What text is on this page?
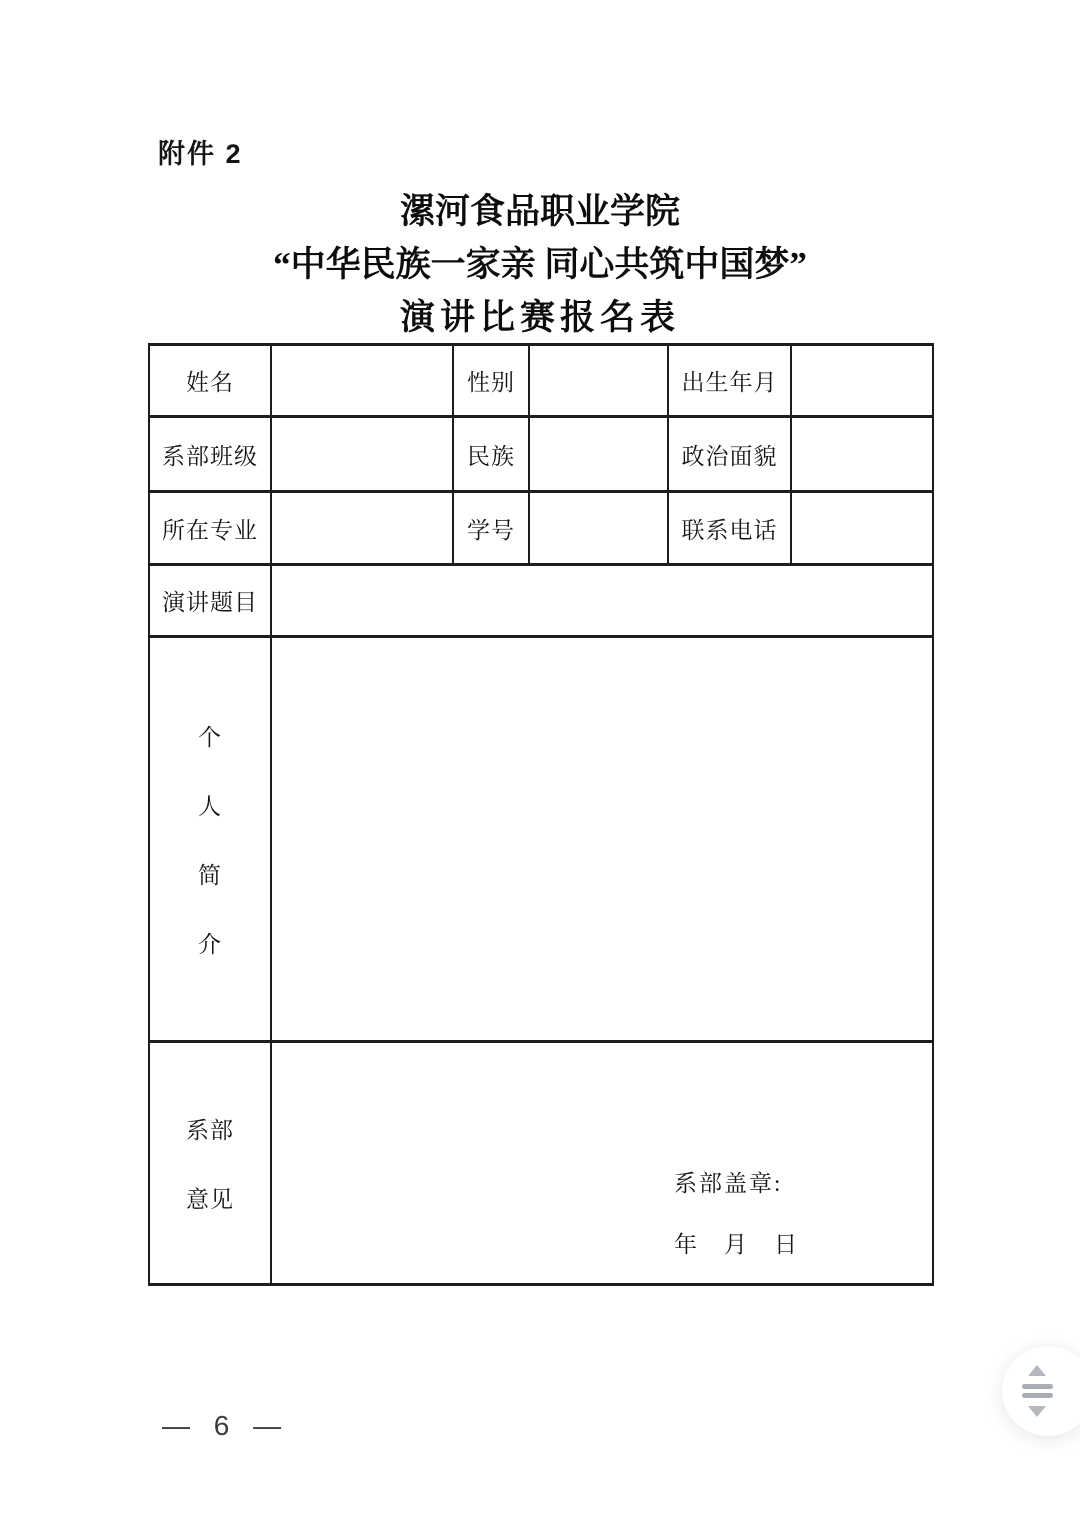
附件 2
漯河食品职业学院
“中华民族一家亲 同心共筑中国梦”
演讲比赛报名表
姓名		性别		出生年月	
系部班级		民族		政治面貌	
所在专业		学号		联系电话	
演讲题目					

个
人
简
介					

系部
意见

系部盖章:
年　月　日
— 6 —
